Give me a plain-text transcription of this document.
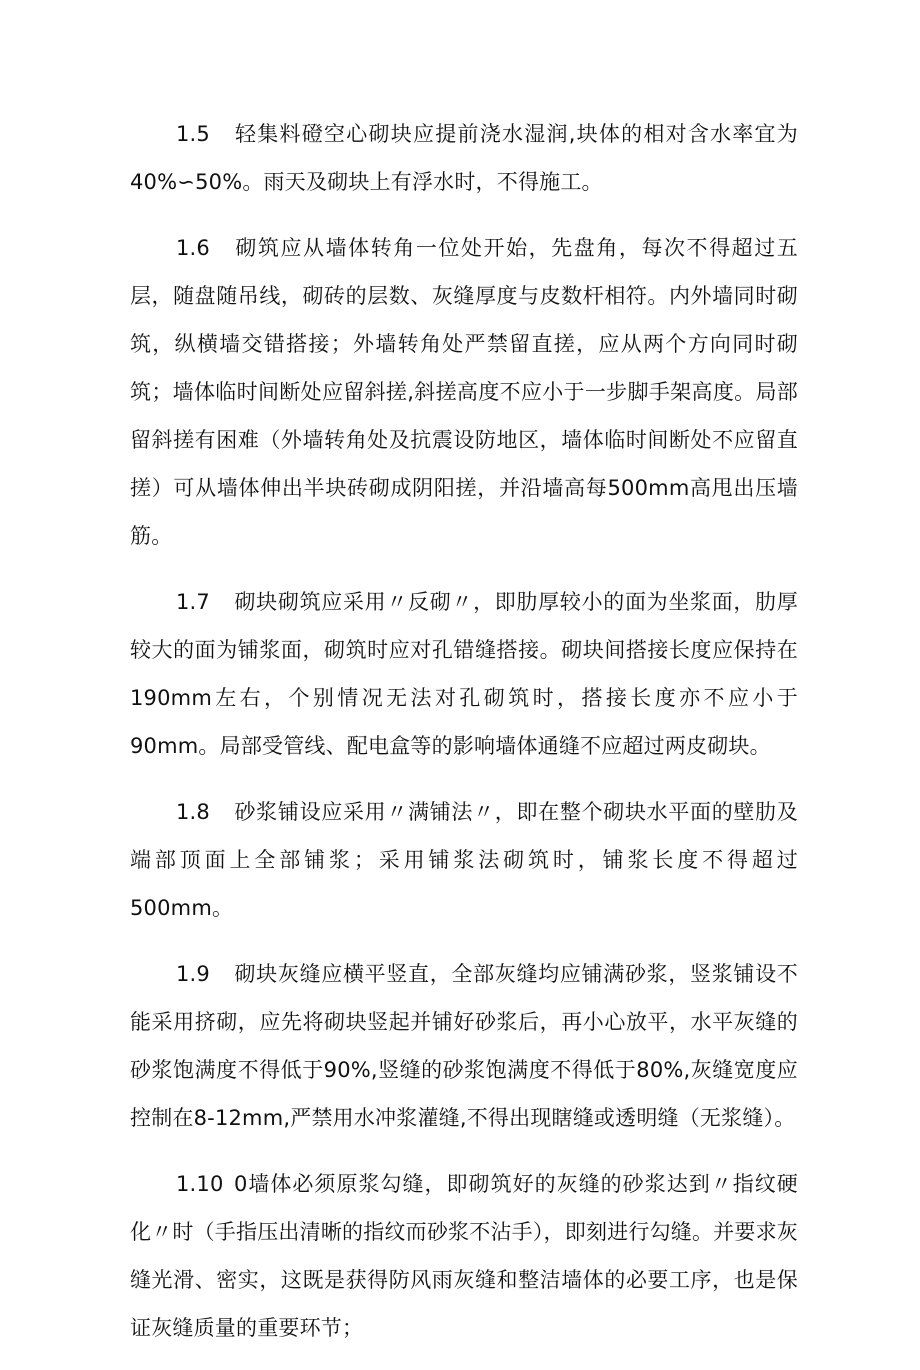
1.5 轻集料磴空心砌块应提前浇水湿润,块体的相对含水率宜为40%∽50%。雨天及砌块上有浮水时，不得施工。

1.6 砌筑应从墙体转角一位处开始，先盘角，每次不得超过五层，随盘随吊线，砌砖的层数、灰缝厚度与皮数杆相符。内外墙同时砌筑，纵横墙交错搭接；外墙转角处严禁留直搓，应从两个方向同时砌筑；墙体临时间断处应留斜搓,斜搓高度不应小于一步脚手架高度。局部留斜搓有困难（外墙转角处及抗震设防地区，墙体临时间断处不应留直搓）可从墙体伸出半块砖砌成阴阳搓，并沿墙高每500mm高甩出压墙筋。

1.7 砌块砌筑应采用〃反砌〃，即肋厚较小的面为坐浆面，肋厚较大的面为铺浆面，砌筑时应对孔错缝搭接。砌块间搭接长度应保持在190mm左右，个别情况无法对孔砌筑时，搭接长度亦不应小于90mm。局部受管线、配电盒等的影响墙体通缝不应超过两皮砌块。

1.8 砂浆铺设应采用〃满铺法〃，即在整个砌块水平面的壁肋及端部顶面上全部铺浆；采用铺浆法砌筑时，铺浆长度不得超过500mm。

1.9 砌块灰缝应横平竖直，全部灰缝均应铺满砂浆，竖浆铺设不能采用挤砌，应先将砌块竖起并铺好砂浆后，再小心放平，水平灰缝的砂浆饱满度不得低于90%,竖缝的砂浆饱满度不得低于80%,灰缝宽度应控制在8-12mm,严禁用水冲浆灌缝,不得出现瞎缝或透明缝（无浆缝）。

1.10 0墙体必须原浆勾缝，即砌筑好的灰缝的砂浆达到〃指纹硬化〃时（手指压出清晰的指纹而砂浆不沾手），即刻进行勾缝。并要求灰缝光滑、密实，这既是获得防风雨灰缝和整洁墙体的必要工序，也是保证灰缝质量的重要环节；
